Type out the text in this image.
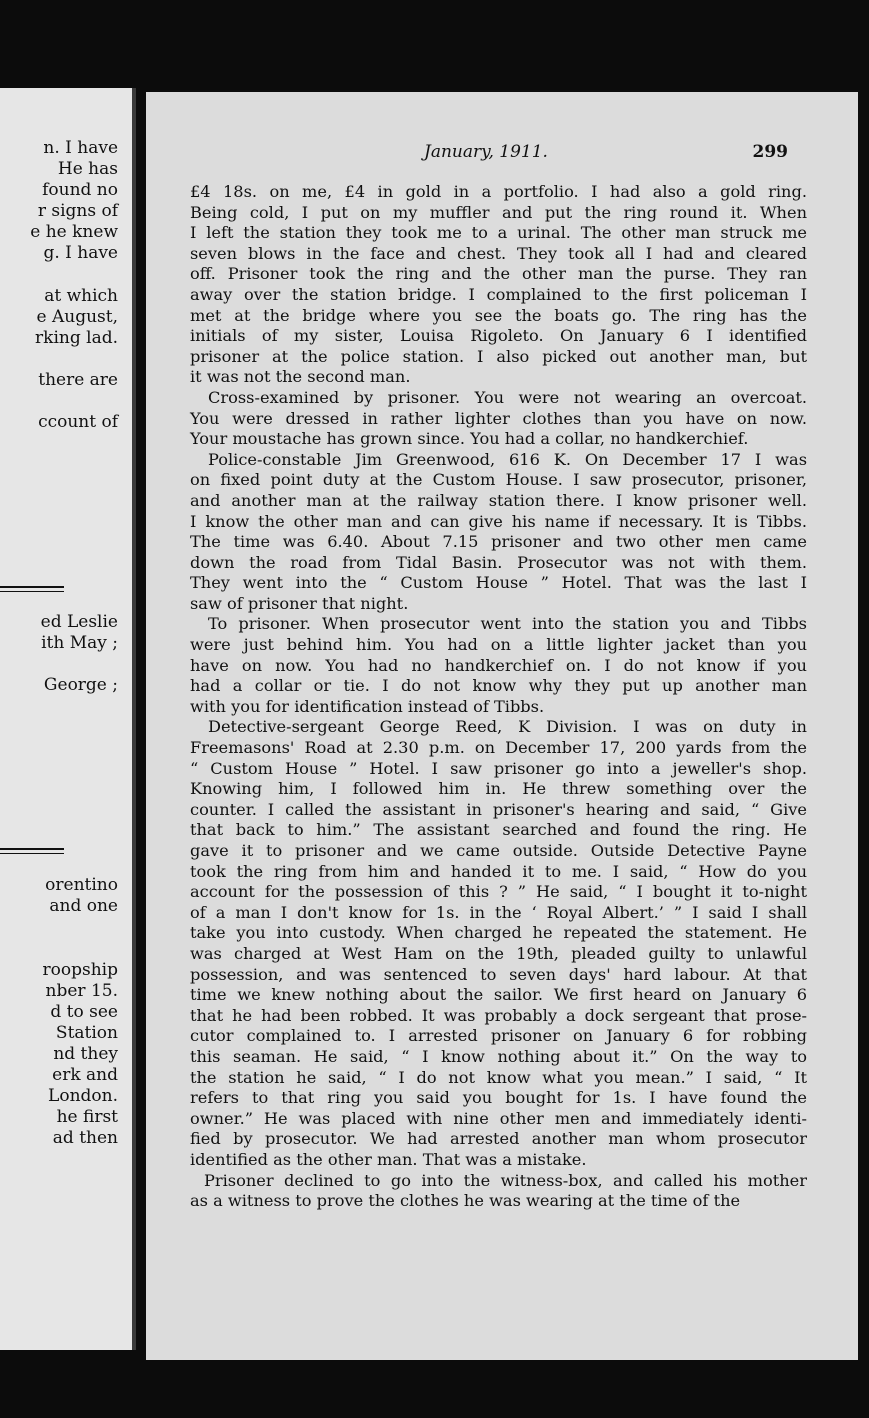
n. I have
He has
found no
r signs of
e he knew
g. I have
at which
e August,
rking lad.
there are
ccount of
ed Leslie
ith May ;
George ;
orentino
and one
roopship
nber 15.
d to see
Station
nd they
erk and
London.
he first
ad then
January, 1911.	299
£4 18s. on me, £4 in gold in a portfolio. I had also a gold ring.
Being cold, I put on my muffler and put the ring round it. When
I left the station they took me to a urinal. The other man struck me
seven blows in the face and chest. They took all I had and cleared
off. Prisoner took the ring and the other man the purse. They ran
away over the station bridge. I complained to the first policeman I
met at the bridge where you see the boats go. The ring has the
initials of my sister, Louisa Rigoleto. On January 6 I identified
prisoner at the police station. I also picked out another man, but
it was not the second man.
Cross-examined by prisoner. You were not wearing an overcoat.
You were dressed in rather lighter clothes than you have on now.
Your moustache has grown since. You had a collar, no handkerchief.
Police-constable Jim Greenwood, 616 K. On December 17 I was
on fixed point duty at the Custom House. I saw prosecutor, prisoner,
and another man at the railway station there. I know prisoner well.
I know the other man and can give his name if necessary. It is Tibbs.
The time was 6.40. About 7.15 prisoner and two other men came
down the road from Tidal Basin. Prosecutor was not with them.
They went into the “ Custom House ” Hotel. That was the last I
saw of prisoner that night.
To prisoner. When prosecutor went into the station you and Tibbs
were just behind him. You had on a little lighter jacket than you
have on now. You had no handkerchief on. I do not know if you
had a collar or tie. I do not know why they put up another man
with you for identification instead of Tibbs.
Detective-sergeant George Reed, K Division. I was on duty in
Freemasons' Road at 2.30 p.m. on December 17, 200 yards from the
“ Custom House ” Hotel. I saw prisoner go into a jeweller's shop.
Knowing him, I followed him in. He threw something over the
counter. I called the assistant in prisoner's hearing and said, “ Give
that back to him.” The assistant searched and found the ring. He
gave it to prisoner and we came outside. Outside Detective Payne
took the ring from him and handed it to me. I said, “ How do you
account for the possession of this ? ” He said, “ I bought it to-night
of a man I don't know for 1s. in the ‘ Royal Albert.’ ” I said I shall
take you into custody. When charged he repeated the statement. He
was charged at West Ham on the 19th, pleaded guilty to unlawful
possession, and was sentenced to seven days' hard labour. At that
time we knew nothing about the sailor. We first heard on January 6
that he had been robbed. It was probably a dock sergeant that prose-
cutor complained to. I arrested prisoner on January 6 for robbing
this seaman. He said, “ I know nothing about it.” On the way to
the station he said, “ I do not know what you mean.” I said, “ It
refers to that ring you said you bought for 1s. I have found the
owner.” He was placed with nine other men and immediately identi-
fied by prosecutor. We had arrested another man whom prosecutor
identified as the other man. That was a mistake.
Prisoner declined to go into the witness-box, and called his mother
as a witness to prove the clothes he was wearing at the time of the
